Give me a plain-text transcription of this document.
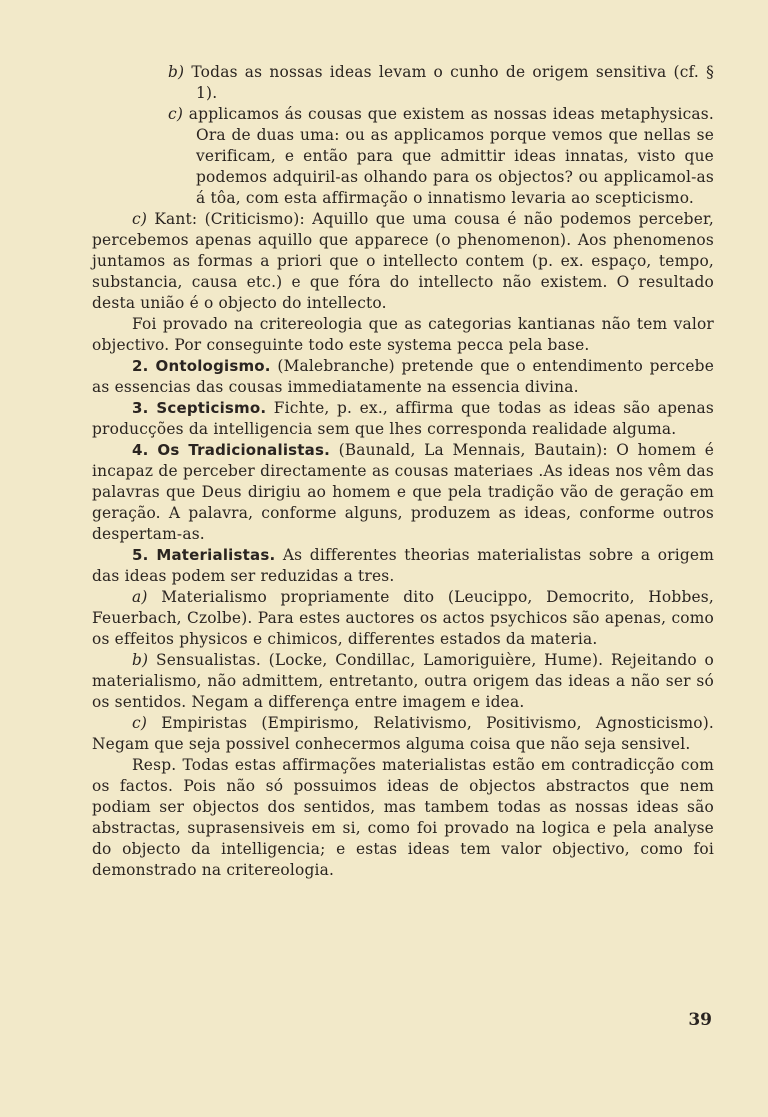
b) Todas as nossas ideas levam o cunho de origem sensitiva (cf. § 1).

c) applicamos ás cousas que existem as nossas ideas metaphysicas. Ora de duas uma: ou as applicamos porque vemos que nellas se verificam, e então para que admittir ideas innatas, visto que podemos adquiril-as olhando para os objectos? ou applicamol-as á tôa, com esta affirmação o innatismo levaria ao scepticismo.

c) Kant: (Criticismo): Aquillo que uma cousa é não podemos perceber, percebemos apenas aquillo que apparece (o phenomenon). Aos phenomenos juntamos as formas a priori que o intellecto contem (p. ex. espaço, tempo, substancia, causa etc.) e que fóra do intellecto não existem. O resultado desta união é o objecto do intellecto.

Foi provado na critereologia que as categorias kantianas não tem valor objectivo. Por conseguinte todo este systema pecca pela base.

2. Ontologismo. (Malebranche) pretende que o entendimento percebe as essencias das cousas immediatamente na essencia divina.

3. Scepticismo. Fichte, p. ex., affirma que todas as ideas são apenas producções da intelligencia sem que lhes corresponda realidade alguma.

4. Os Tradicionalistas. (Baunald, La Mennais, Bautain): O homem é incapaz de perceber directamente as cousas materiaes .As ideas nos vêm das palavras que Deus dirigiu ao homem e que pela tradição vão de geração em geração. A palavra, conforme alguns, produzem as ideas, conforme outros despertam-as.

5. Materialistas. As differentes theorias materialistas sobre a origem das ideas podem ser reduzidas a tres.

a) Materialismo propriamente dito (Leucippo, Democrito, Hobbes, Feuerbach, Czolbe). Para estes auctores os actos psychicos são apenas, como os effeitos physicos e chimicos, differentes estados da materia.

b) Sensualistas. (Locke, Condillac, Lamoriguière, Hume). Rejeitando o materialismo, não admittem, entretanto, outra origem das ideas a não ser só os sentidos. Negam a differença entre imagem e idea.

c) Empiristas (Empirismo, Relativismo, Positivismo, Agnosticismo). Negam que seja possivel conhecermos alguma coisa que não seja sensivel.

Resp. Todas estas affirmações materialistas estão em contradicção com os factos. Pois não só possuimos ideas de objectos abstractos que nem podiam ser objectos dos sentidos, mas tambem todas as nossas ideas são abstractas, suprasensiveis em si, como foi provado na logica e pela analyse do objecto da intelligencia; e estas ideas tem valor objectivo, como foi demonstrado na critereologia.

39
